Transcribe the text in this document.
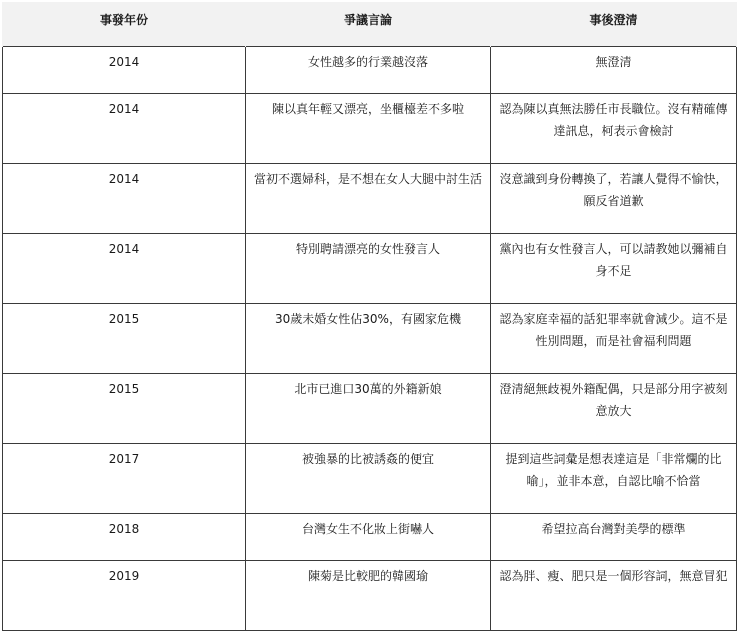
事發年份	爭議言論	事後澄清
2014	女性越多的行業越沒落	無澄清
2014	陳以真年輕又漂亮，坐櫃檯差不多啦	認為陳以真無法勝任市長職位。沒有精確傳達訊息，柯表示會檢討
2014	當初不選婦科，是不想在女人大腿中討生活	沒意識到身份轉換了，若讓人覺得不愉快，願反省道歉
2014	特別聘請漂亮的女性發言人	黨內也有女性發言人，可以請教她以彌補自身不足
2015	30歲未婚女性佔30%，有國家危機	認為家庭幸福的話犯罪率就會減少。這不是性別問題，而是社會福利問題
2015	北市已進口30萬的外籍新娘	澄清絕無歧視外籍配偶，只是部分用字被刻意放大
2017	被強暴的比被誘姦的便宜	提到這些詞彙是想表達這是「非常爛的比喻」，並非本意，自認比喻不恰當
2018	台灣女生不化妝上街嚇人	希望拉高台灣對美學的標準
2019	陳菊是比較肥的韓國瑜	認為胖、瘦、肥只是一個形容詞，無意冒犯
